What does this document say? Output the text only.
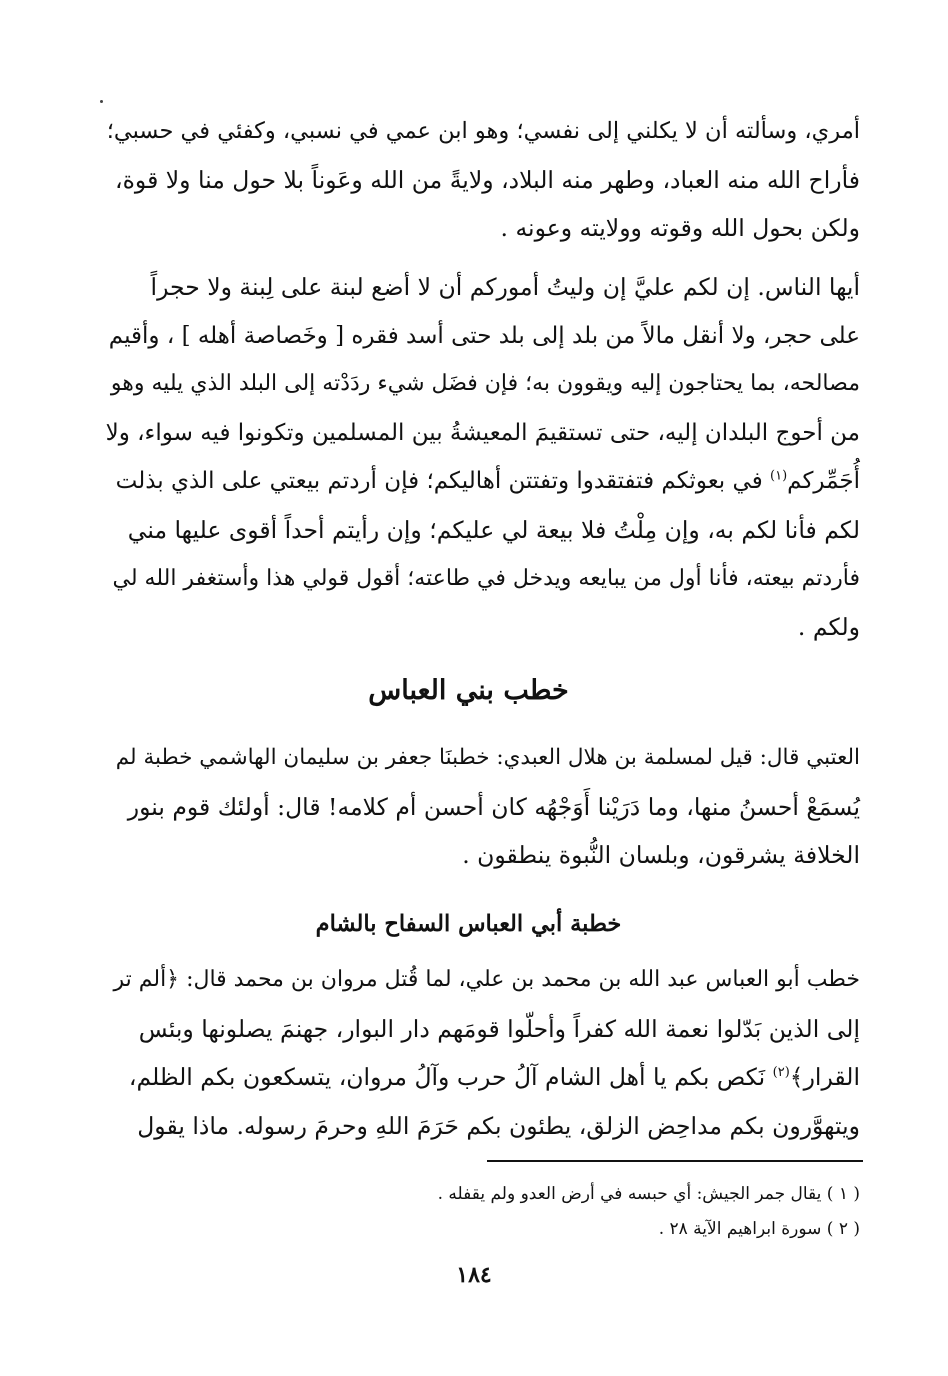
أمري، وسألته أن لا يكلني إلى نفسي؛ وهو ابن عمي في نسبي، وكفئي في حسبي؛
فأراح الله منه العباد، وطهر منه البلاد، ولايةً من الله وعَوناً بلا حول منا ولا قوة،
ولكن بحول الله وقوته وولايته وعونه .

أيها الناس. إن لكم عليَّ إن وليتُ أموركم أن لا أضع لبنة على لِبنة ولا حجراً
على حجر، ولا أنقل مالاً من بلد إلى بلد حتى أسد فقره [ وخَصاصة أهله ] ، وأقيم
مصالحه، بما يحتاجون إليه ويقوون به؛ فإن فضَل شيء ردَدْته إلى البلد الذي يليه وهو
من أحوج البلدان إليه، حتى تستقيمَ المعيشةُ بين المسلمين وتكونوا فيه سواء، ولا
أُجَمِّركم$^{(١)}$ في بعوثكم فتفتقدوا وتفتتن أهاليكم؛ فإن أردتم بيعتي على الذي بذلت
لكم فأنا لكم به، وإن مِلْتُ فلا بيعة لي عليكم؛ وإن رأيتم أحداً أقوى عليها مني
فأردتم بيعته، فأنا أول من يبايعه ويدخل في طاعته؛ أقول قولي هذا وأستغفر الله لي
ولكم .

خطب بني العباس

العتبي قال: قيل لمسلمة بن هلال العبدي: خطبنَا جعفر بن سليمان الهاشمي خطبة لم
يُسمَعْ أحسنُ منها، وما دَرَيْنا أَوَجْهُه كان أحسن أم كلامه! قال: أولئك قوم بنور
الخلافة يشرقون، وبلسان النُّبوة ينطقون .

خطبة أبي العباس السفاح بالشام

خطب أبو العباس عبد الله بن محمد بن علي، لما قُتل مروان بن محمد قال: ﴿ألم تر
إلى الذين بَدّلوا نعمة الله كفراً وأحلّوا قومَهم دار البوار، جهنمَ يصلونها وبئس
القرار﴾$^{(٢)}$ نَكص بكم يا أهل الشام آلُ حرب وآلُ مروان، يتسكعون بكم الظلم،
ويتهوَّرون بكم مداحِض الزلق، يطئون بكم حَرَمَ اللهِ وحرمَ رسوله. ماذا يقول

( ١ ) يقال جمر الجيش: أي حبسه في أرض العدو ولم يقفله .
( ٢ ) سورة ابراهيم الآية ٢٨ .
١٨٤
